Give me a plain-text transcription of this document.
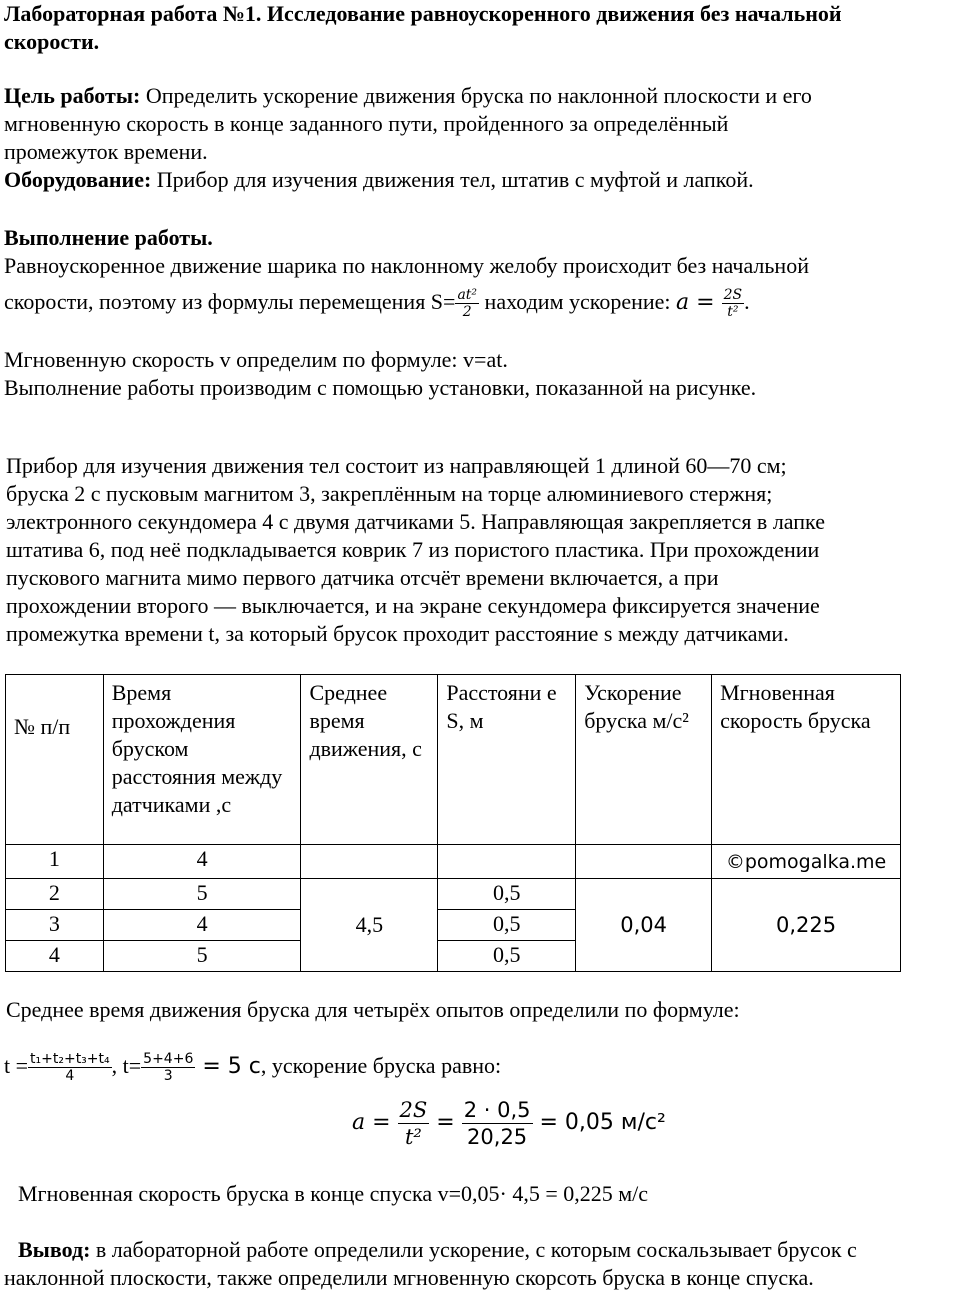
Лабораторная работа №1. Исследование равноускоренного движения без начальной
скорости.
Цель работы: Определить ускорение движения бруска по наклонной плоскости и его
мгновенную скорость в конце заданного пути, пройденного за определённый
промежуток времени.
Оборудование: Прибор для изучения движения тел, штатив с муфтой и лапкой.
Выполнение работы.
Равноускоренное движение шарика по наклонному желобу происходит без начальной
скорости, поэтому из формулы перемещения $S= \frac{\text{at²}}{2}$ находим ускорение: $a = \frac{2S}{\text{t²}}$ .
Мгновенную скорость v определим по формуле: v=at.
Выполнение работы производим с помощью установки, показанной на рисунке.
Прибор для изучения движения тел состоит из направляющей 1 длиной 60—70 см;
бруска 2 с пусковым магнитом 3, закреплённым на торце алюминиевого стержня;
электронного секундомера 4 с двумя датчиками 5. Направляющая закрепляется в лапке
штатива 6, под неё подкладывается коврик 7 из пористого пластика. При прохождении
пускового магнита мимо первого датчика отсчёт времени включается, а при
прохождении второго — выключается, и на экране секундомера фиксируется значение
промежутка времени t, за который брусок проходит расстояние s между датчиками.
№ п/п	Время прохождения бруском расстояния между датчиками ,с	Среднее время движения, с	Расстояни е S, м	Ускорение бруска м/с²	Мгновенная скорость бруска
1	4				©pomogalka.me
2	5	4,5	0,5	0,04	0,225
3	4		0,5		
4	5		0,5		
Среднее время движения бруска для четырёх опытов определили по формуле:
$t = \frac{\text{t₁+t₂+t₃+t₄}}{4}$ , $t= \frac{5+4+6}{3} = 5$ c, ускорение бруска равно:
$a = \frac{2S}{\text{t²}} = \frac{2 \cdot 0,5}{20,25} = 0,05$ м/c²
Мгновенная скорость бруска в конце спуска v=0,05· 4,5 = 0,225 м/c
Вывод: в лабораторной работе определили ускорение, с которым соскальзывает брусок с
наклонной плоскости, также определили мгновенную скорсоть бруска в конце спуска.
